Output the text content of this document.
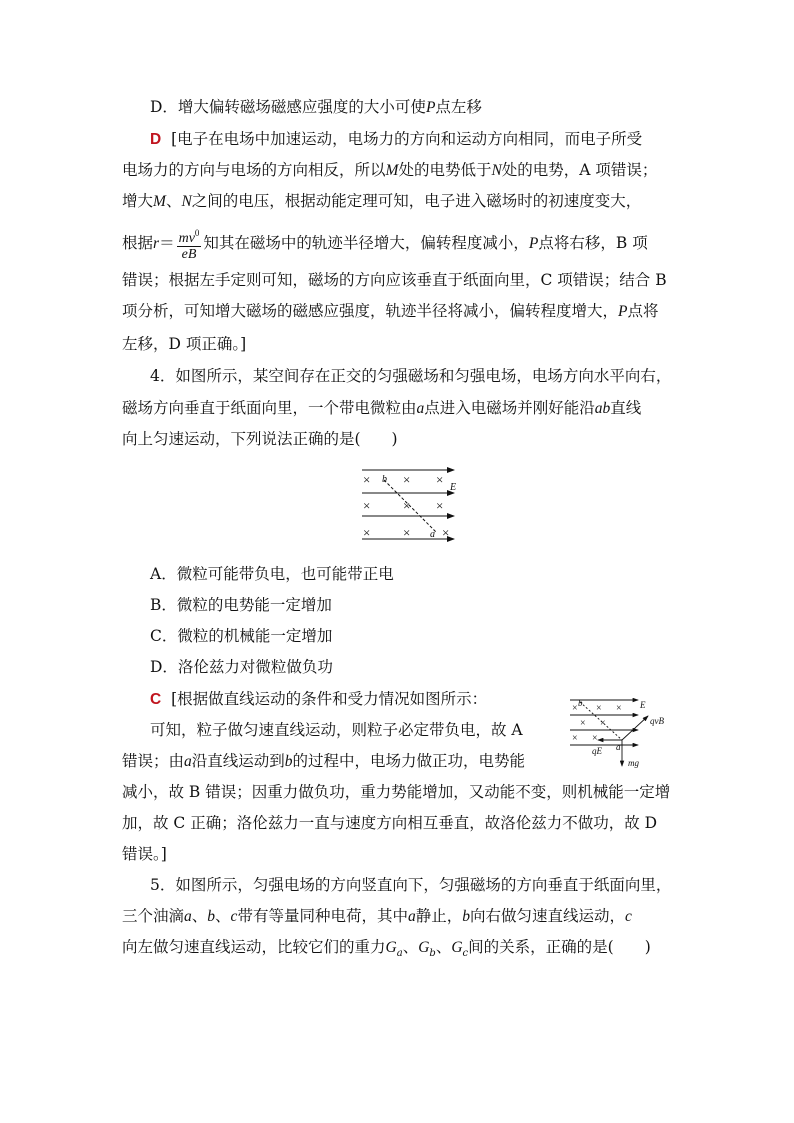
D．增大偏转磁场磁感应强度的大小可使P点左移
D [电子在电场中加速运动，电场力的方向和运动方向相同，而电子所受
电场力的方向与电场的方向相反，所以M处的电势低于N处的电势，A 项错误；
增大M、N之间的电压，根据动能定理可知，电子进入磁场时的初速度变大，
根据$r= \frac{mv^0}{eB}$ 知其在磁场中的轨迹半径增大，偏转程度减小，P点将右移，B 项
错误；根据左手定则可知，磁场的方向应该垂直于纸面向里，C 项错误；结合 B
项分析，可知增大磁场的磁感应强度，轨迹半径将减小，偏转程度增大，P点将
左移，D 项正确。]
4．如图所示，某空间存在正交的匀强磁场和匀强电场，电场方向水平向右，
磁场方向垂直于纸面向里，一个带电微粒由a点进入电磁场并刚好能沿ab直线
向上匀速运动，下列说法正确的是(　　)
×	× ×
×	× ×
×	× ×
b
a
E
A．微粒可能带负电，也可能带正电
B．微粒的电势能一定增加
C．微粒的机械能一定增加
D．洛伦兹力对微粒做负功
C [根据做直线运动的条件和受力情况如图所示：
可知，粒子做匀速直线运动，则粒子必定带负电，故 A
错误；由a沿直线运动到b的过程中，电场力做正功，电势能
× × ×
× ×
× ×
b	E
qvB
qE a
mg
减小，故 B 错误；因重力做负功，重力势能增加，又动能不变，则机械能一定增
加，故 C 正确；洛伦兹力一直与速度方向相互垂直，故洛伦兹力不做功，故 D
错误。]
5．如图所示，匀强电场的方向竖直向下，匀强磁场的方向垂直于纸面向里，
三个油滴a、b、c带有等量同种电荷，其中a静止，b向右做匀速直线运动，c
向左做匀速直线运动，比较它们的重力$G_a$、$G_b$、$G_c$间的关系，正确的是(　　)
